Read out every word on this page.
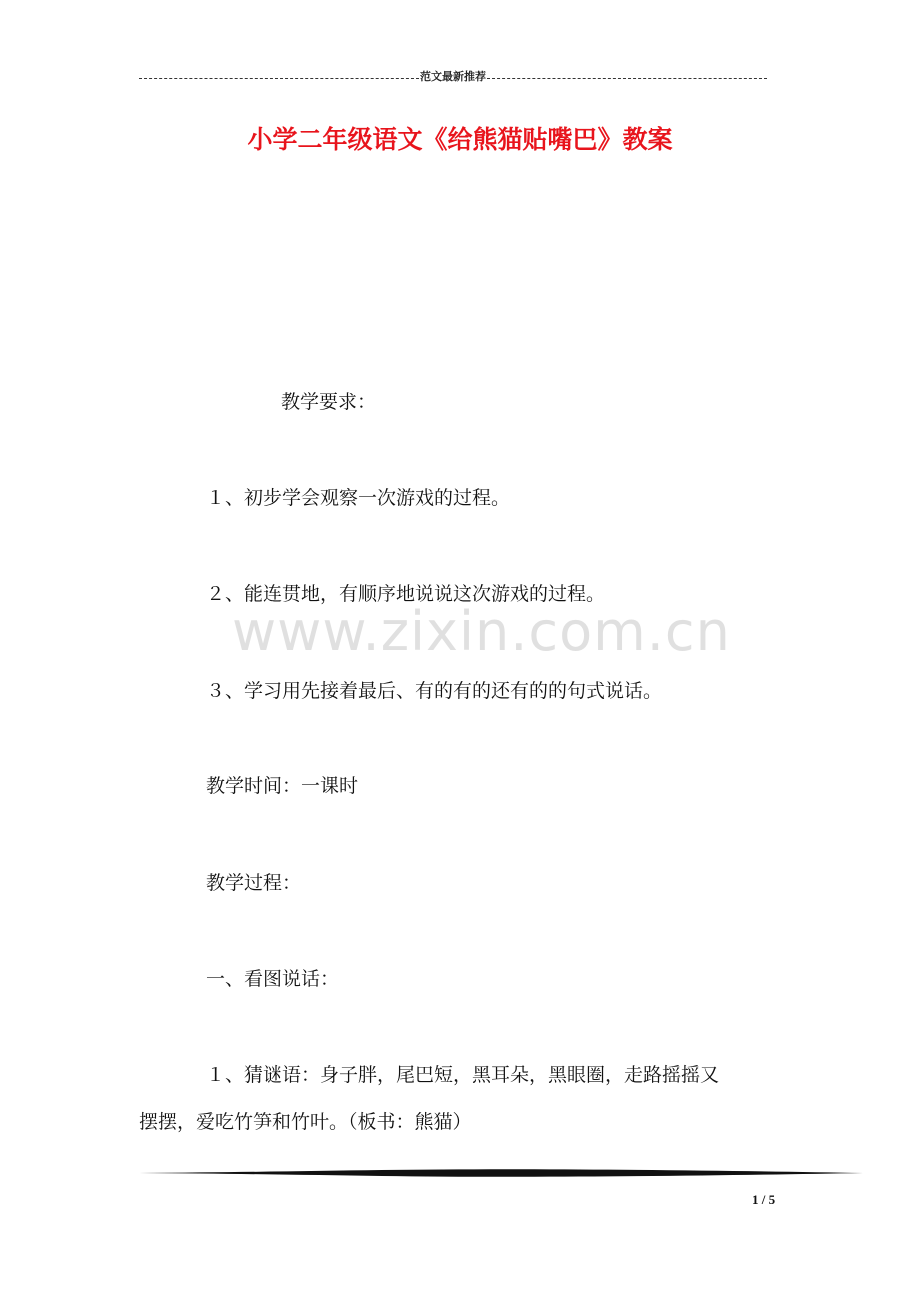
范文最新推荐
小学二年级语文《给熊猫贴嘴巴》教案
www.zixin.com.cn
教学要求：
１、初步学会观察一次游戏的过程。
２、能连贯地，有顺序地说说这次游戏的过程。
３、学习用先接着最后、有的有的还有的的句式说话。
教学时间：一课时
教学过程：
一、看图说话：
１、猜谜语：身子胖，尾巴短，黑耳朵，黑眼圈，走路摇摇又
摆摆，爱吃竹笋和竹叶。（板书：熊猫）
1 / 5
